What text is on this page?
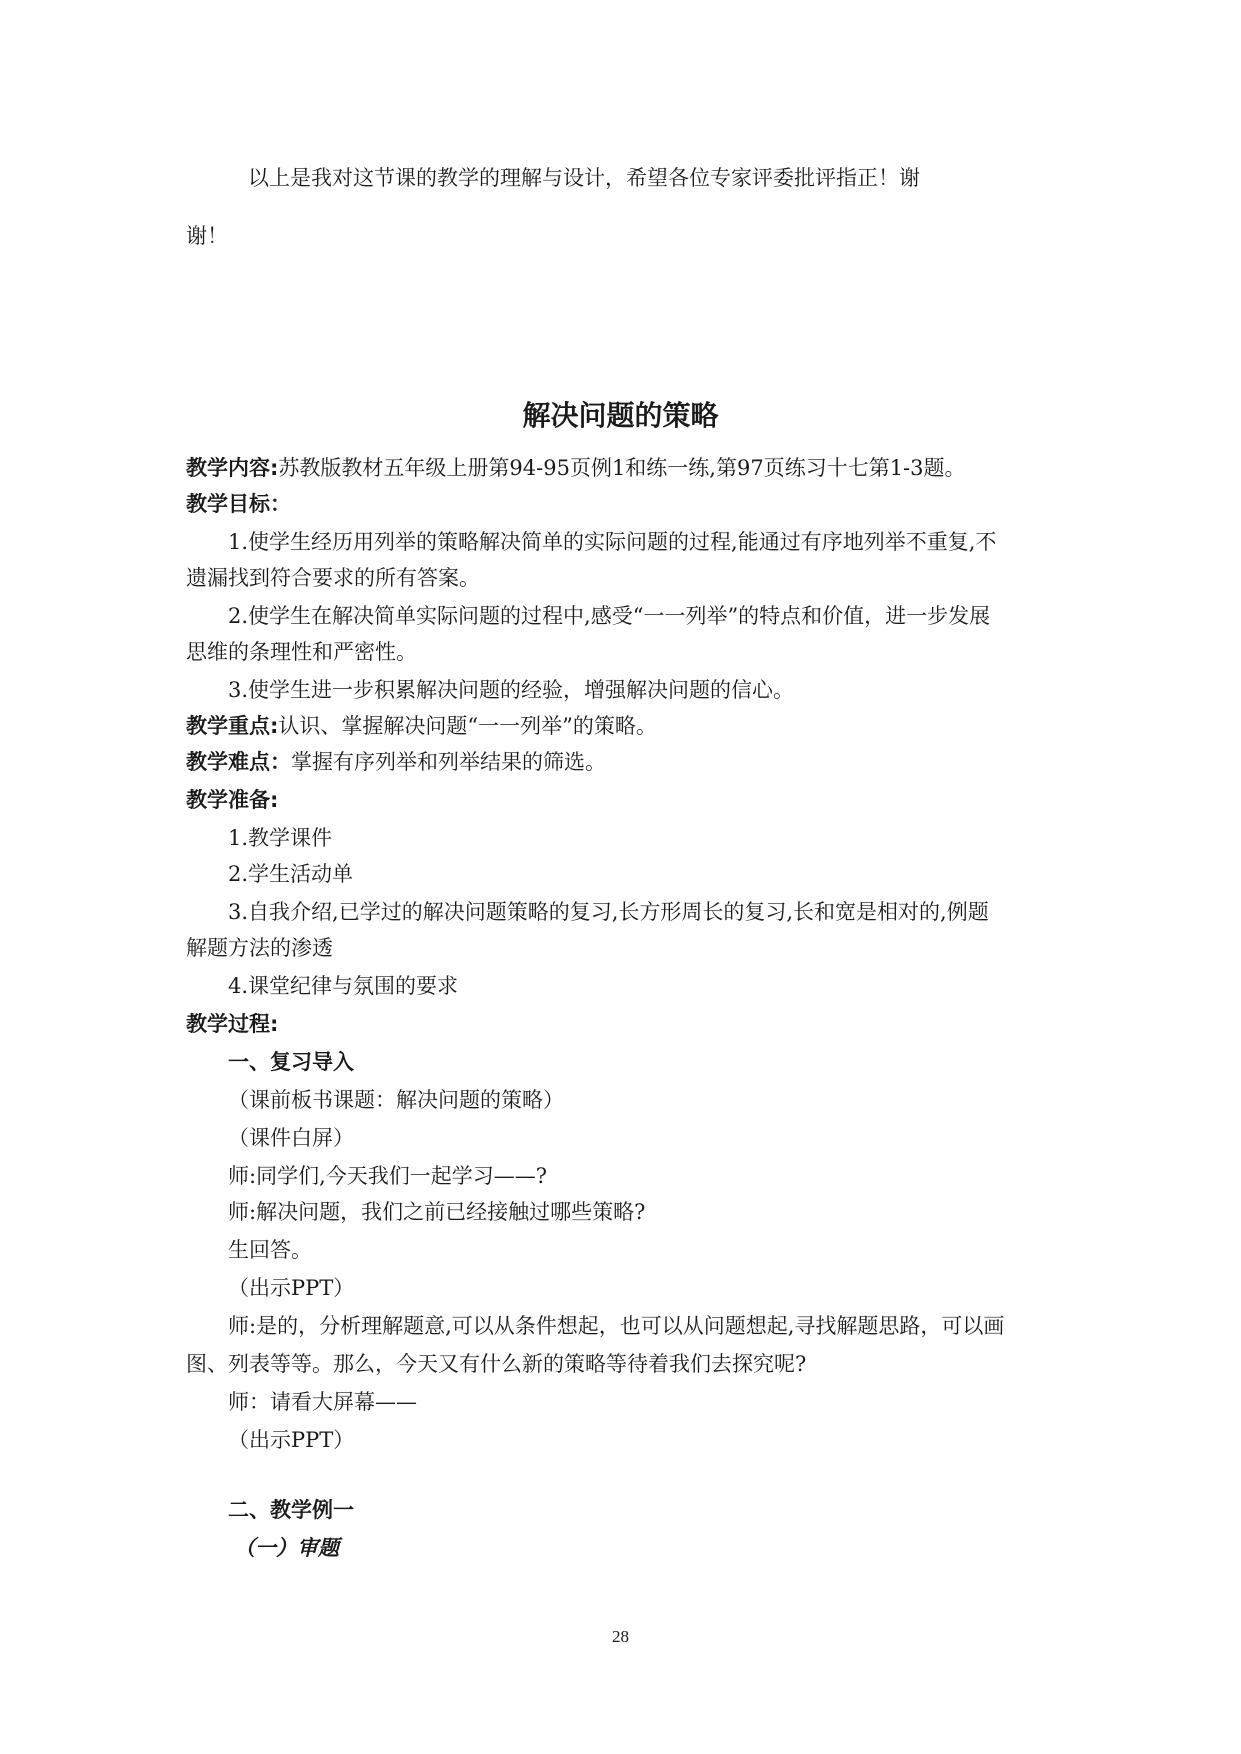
以上是我对这节课的教学的理解与设计，希望各位专家评委批评指正！谢
谢！
解决问题的策略
教学内容:苏教版教材五年级上册第94-95页例1和练一练,第97页练习十七第1-3题。
教学目标：
1.使学生经历用列举的策略解决简单的实际问题的过程,能通过有序地列举不重复,不
遗漏找到符合要求的所有答案。
2.使学生在解决简单实际问题的过程中,感受“一一列举”的特点和价值，进一步发展
思维的条理性和严密性。
3.使学生进一步积累解决问题的经验，增强解决问题的信心。
教学重点:认识、掌握解决问题“一一列举”的策略。
教学难点：掌握有序列举和列举结果的筛选。
教学准备:
1.教学课件
2.学生活动单
3.自我介绍,已学过的解决问题策略的复习,长方形周长的复习,长和宽是相对的,例题
解题方法的渗透
4.课堂纪律与氛围的要求
教学过程:
一、复习导入
（课前板书课题：解决问题的策略）
（课件白屏）
师:同学们,今天我们一起学习——?
师:解决问题，我们之前已经接触过哪些策略?
生回答。
（出示PPT）
师:是的，分析理解题意,可以从条件想起，也可以从问题想起,寻找解题思路，可以画
图、列表等等。那么，今天又有什么新的策略等待着我们去探究呢?
师：请看大屏幕——
（出示PPT）
二、教学例一
（一）审题
28
